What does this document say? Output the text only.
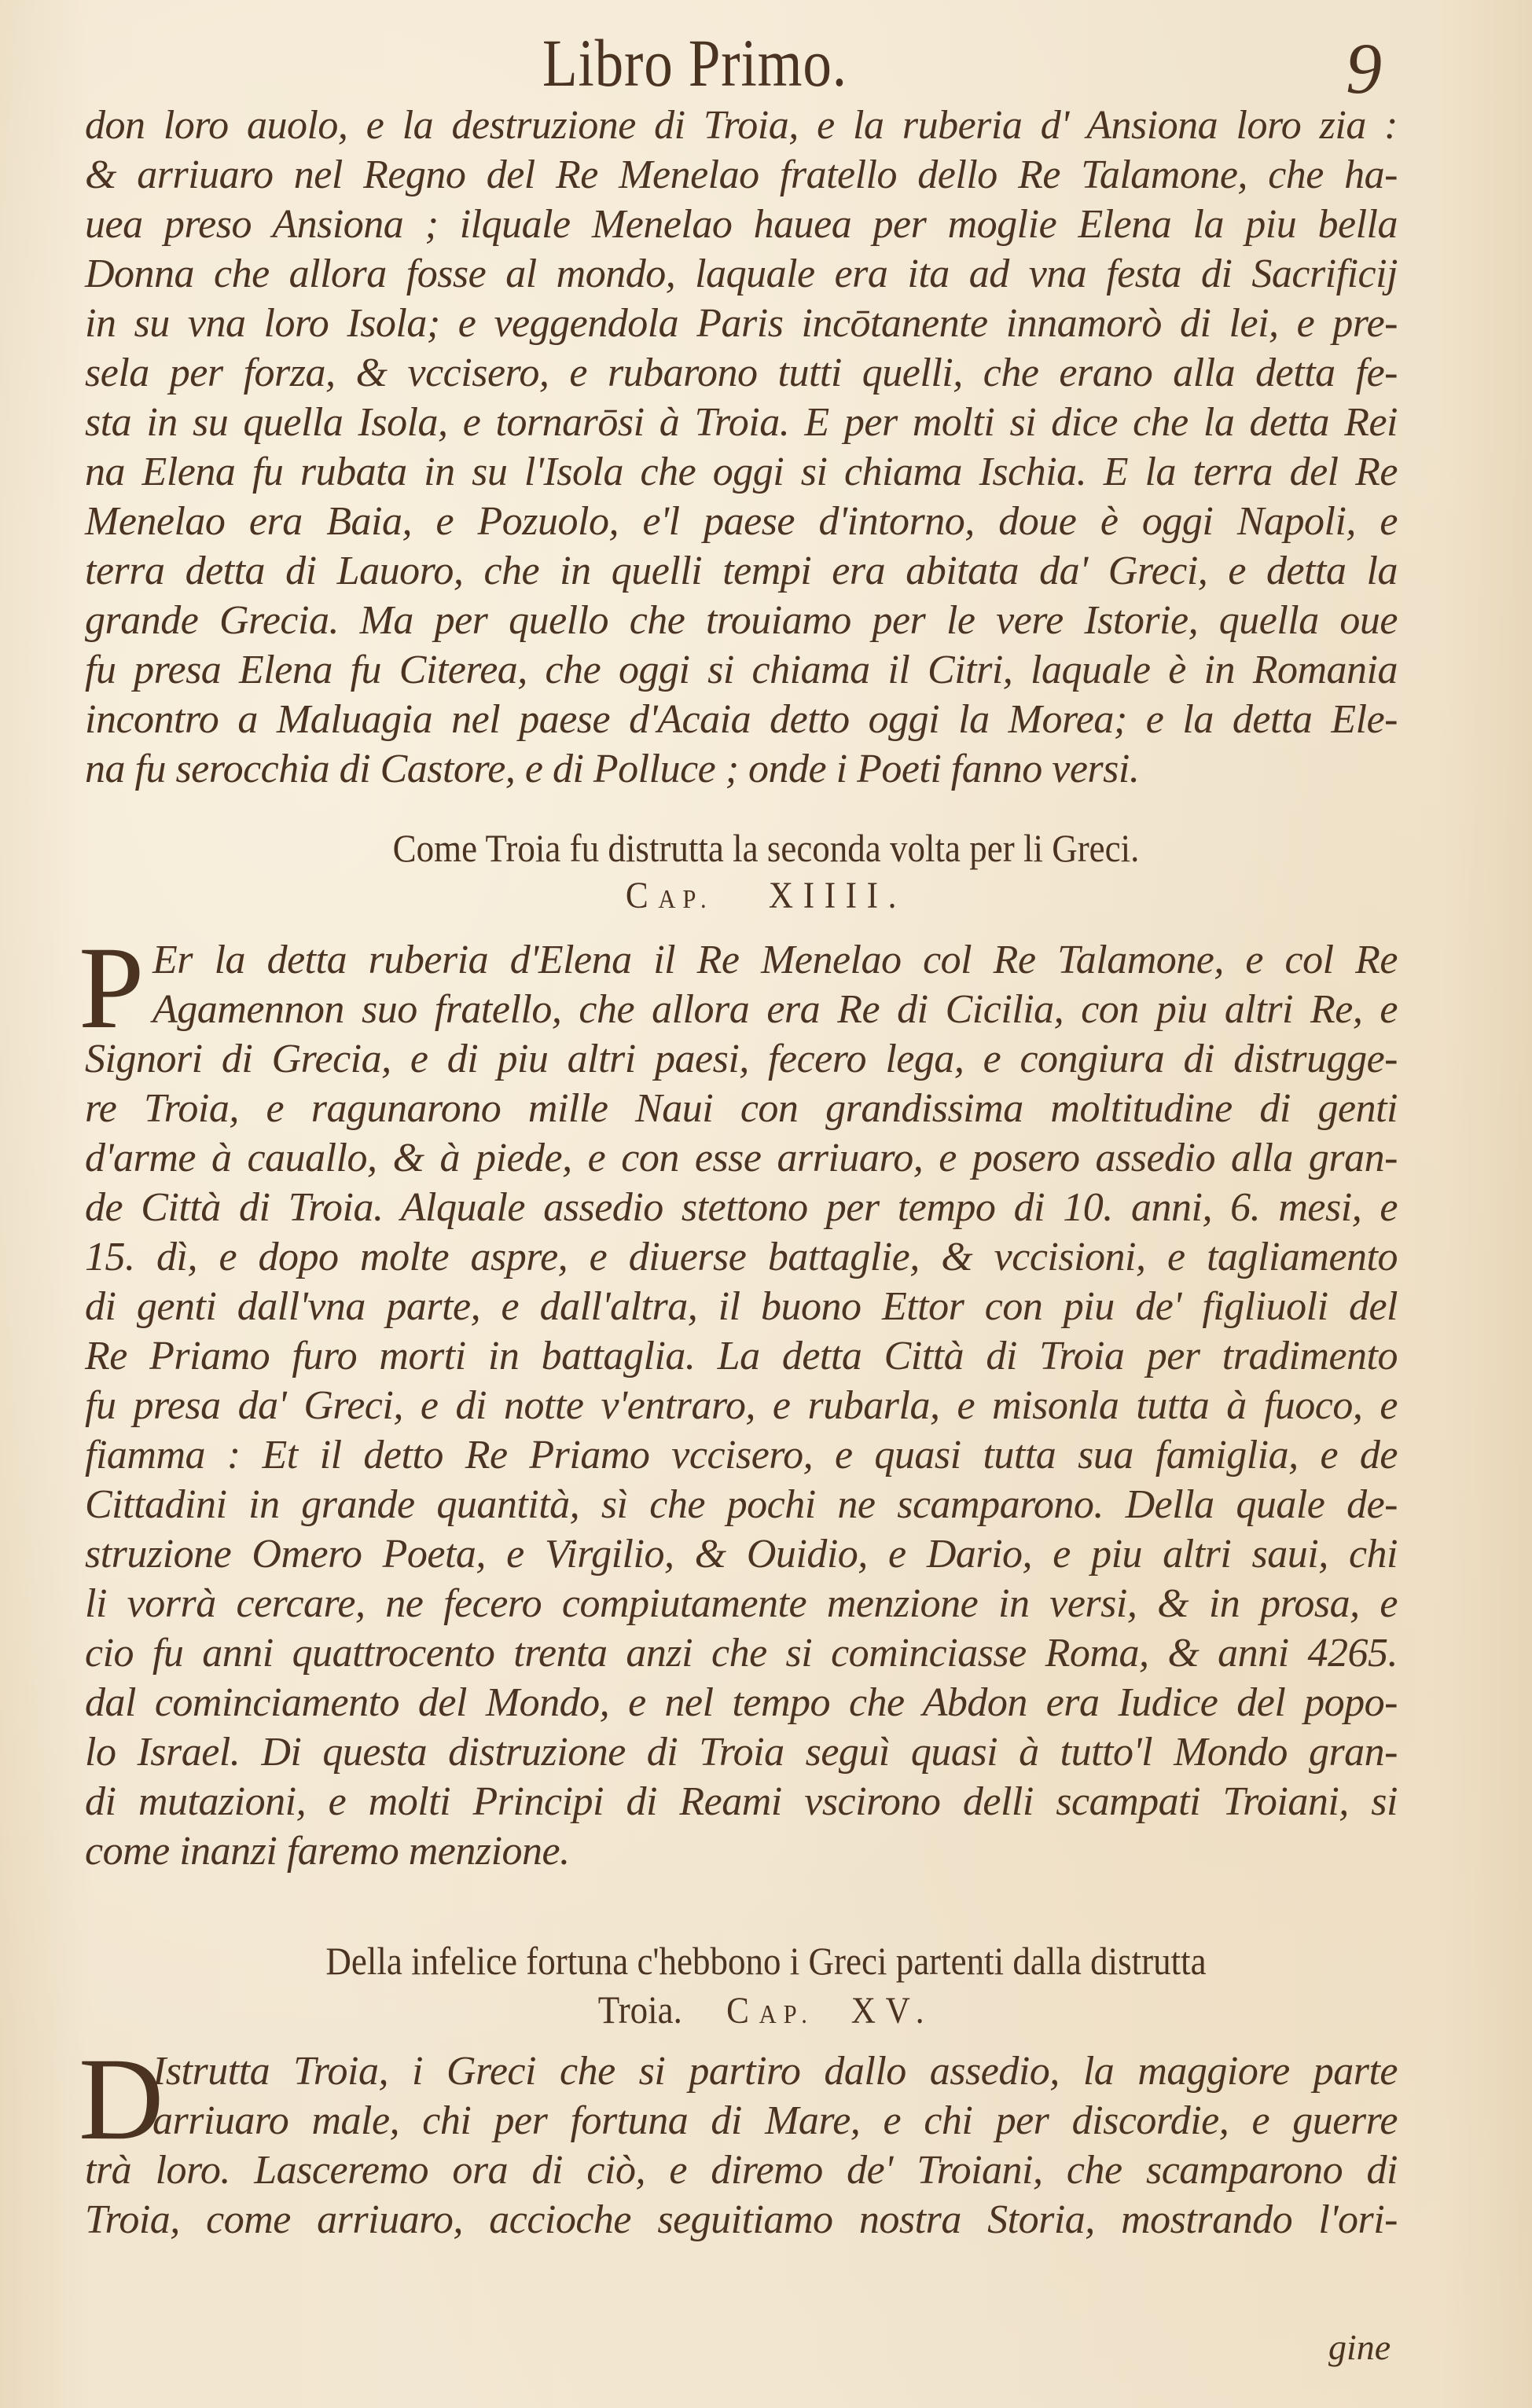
Libro Primo.	9
don loro auolo, e la destruzione di Troia, e la ruberia d' Ansiona loro zia :
& arriuaro nel Regno del Re Menelao fratello dello Re Talamone, che ha-
uea preso Ansiona ; ilquale Menelao hauea per moglie Elena la piu bella
Donna che allora fosse al mondo, laquale era ita ad vna festa di Sacrificij
in su vna loro Isola; e veggendola Paris incōtanente innamorò di lei, e pre-
sela per forza, & vccisero, e rubarono tutti quelli, che erano alla detta fe-
sta in su quella Isola, e tornarōsi à Troia. E per molti si dice che la detta Rei
na Elena fu rubata in su l'Isola che oggi si chiama Ischia. E la terra del Re
Menelao era Baia, e Pozuolo, e'l paese d'intorno, doue è oggi Napoli, e
terra detta di Lauoro, che in quelli tempi era abitata da' Greci, e detta la
grande Grecia. Ma per quello che trouiamo per le vere Istorie, quella oue
fu presa Elena fu Citerea, che oggi si chiama il Citri, laquale è in Romania
incontro a Maluagia nel paese d'Acaia detto oggi la Morea; e la detta Ele-
na fu serocchia di Castore, e di Polluce ; onde i Poeti fanno versi.
Come Troia fu distrutta la seconda volta per li Greci.
CAP. XIIII.
P Er la detta ruberia d'Elena il Re Menelao col Re Talamone, e col Re
Agamennon suo fratello, che allora era Re di Cicilia, con piu altri Re, e
Signori di Grecia, e di piu altri paesi, fecero lega, e congiura di distrugge-
re Troia, e ragunarono mille Naui con grandissima moltitudine di genti
d'arme à cauallo, & à piede, e con esse arriuaro, e posero assedio alla gran-
de Città di Troia. Alquale assedio stettono per tempo di 10. anni, 6. mesi, e
15. dì, e dopo molte aspre, e diuerse battaglie, & vccisioni, e tagliamento
di genti dall'vna parte, e dall'altra, il buono Ettor con piu de' figliuoli del
Re Priamo furo morti in battaglia. La detta Città di Troia per tradimento
fu presa da' Greci, e di notte v'entraro, e rubarla, e misonla tutta à fuoco, e
fiamma : Et il detto Re Priamo vccisero, e quasi tutta sua famiglia, e de
Cittadini in grande quantità, sì che pochi ne scamparono. Della quale de-
struzione Omero Poeta, e Virgilio, & Ouidio, e Dario, e piu altri saui, chi
li vorrà cercare, ne fecero compiutamente menzione in versi, & in prosa, e
cio fu anni quattrocento trenta anzi che si cominciasse Roma, & anni 4265.
dal cominciamento del Mondo, e nel tempo che Abdon era Iudice del popo-
lo Israel. Di questa distruzione di Troia seguì quasi à tutto'l Mondo gran-
di mutazioni, e molti Principi di Reami vscirono delli scampati Troiani, si
come inanzi faremo menzione.
Della infelice fortuna c'hebbono i Greci partenti dalla distrutta
Troia. CAP. XV.
D
Istrutta Troia, i Greci che si partiro dallo assedio, la maggiore parte
arriuaro male, chi per fortuna di Mare, e chi per discordie, e guerre
trà loro. Lasceremo ora di ciò, e diremo de' Troiani, che scamparono di
Troia, come arriuaro, accioche seguitiamo nostra Storia, mostrando l'ori-
gine
